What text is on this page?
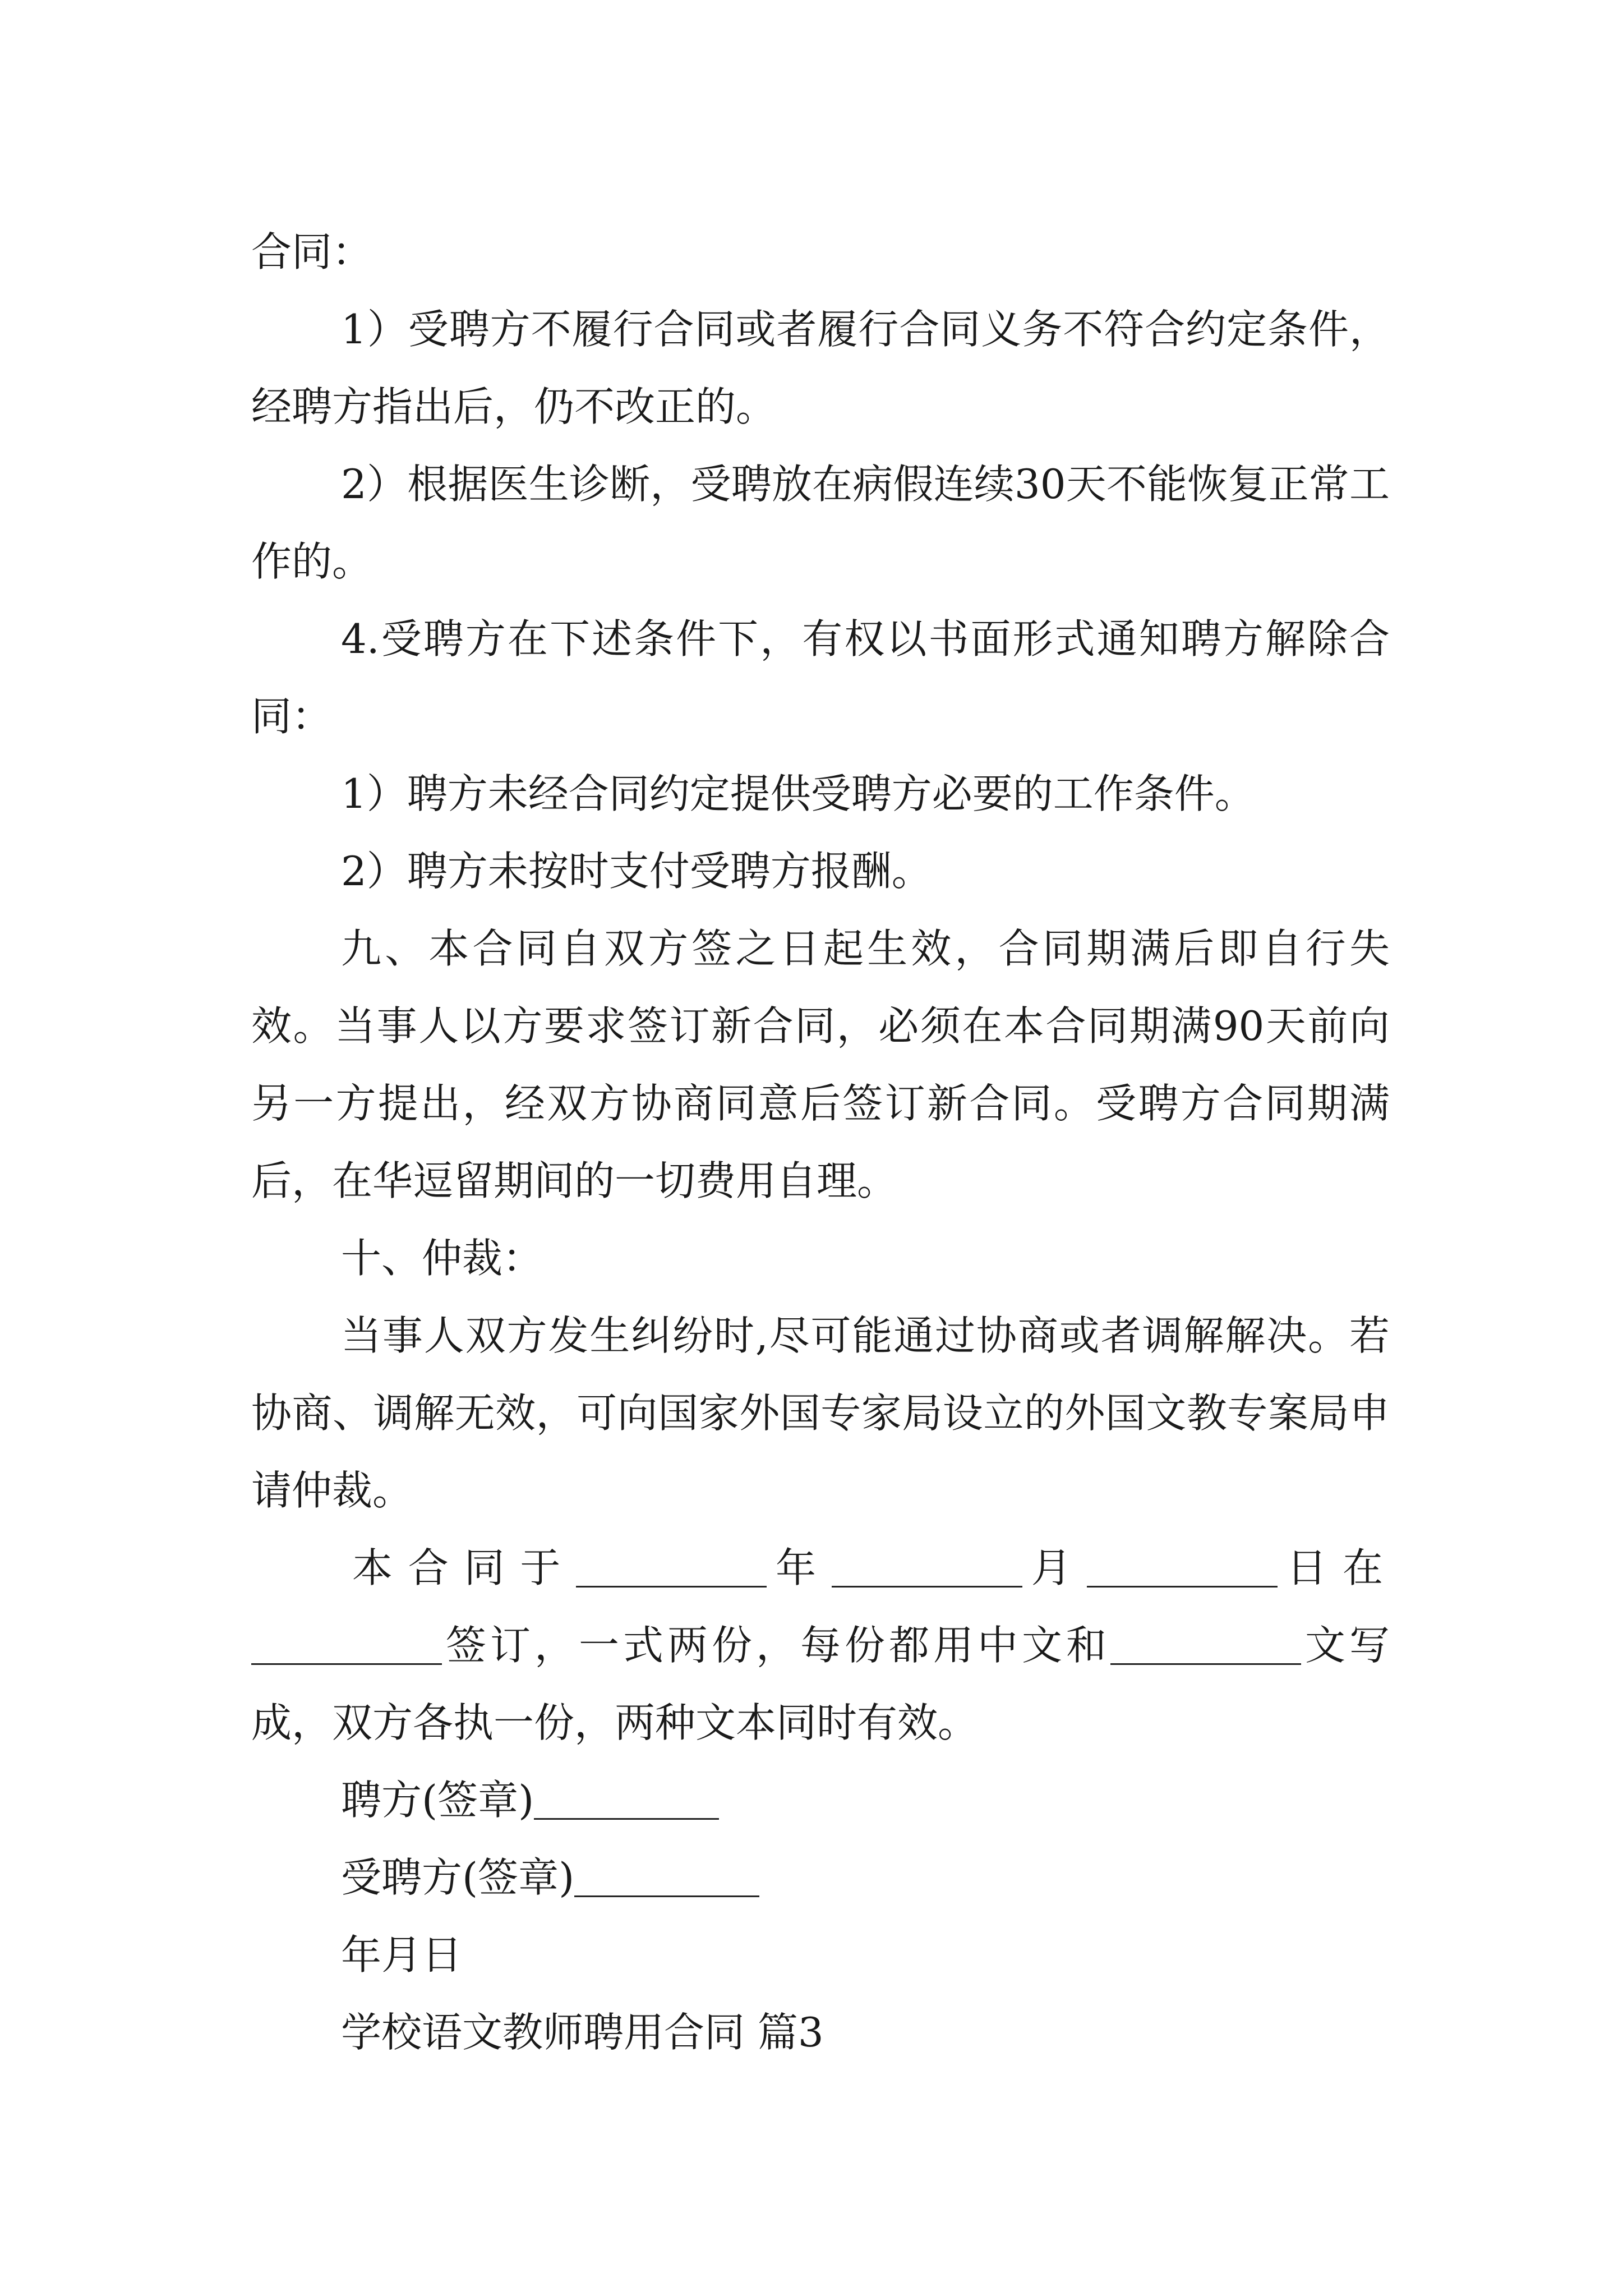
合同：

1）受聘方不履行合同或者履行合同义务不符合约定条件，经聘方指出后，仍不改正的。

2）根据医生诊断，受聘放在病假连续30天不能恢复正常工作的。

4.受聘方在下述条件下，有权以书面形式通知聘方解除合同：

1）聘方未经合同约定提供受聘方必要的工作条件。

2）聘方未按时支付受聘方报酬。

九、本合同自双方签之日起生效，合同期满后即自行失效。当事人以方要求签订新合同，必须在本合同期满90天前向另一方提出，经双方协商同意后签订新合同。受聘方合同期满后，在华逗留期间的一切费用自理。

十、仲裁：

当事人双方发生纠纷时,尽可能通过协商或者调解解决。若协商、调解无效，可向国家外国专家局设立的外国文教专案局申请仲裁。

本合同于	年	月	日在 签订，一式两份，每份都用中文和	文写成，双方各执一份，两种文本同时有效。

聘方(签章)

受聘方(签章)

年月日

学校语文教师聘用合同 篇3
